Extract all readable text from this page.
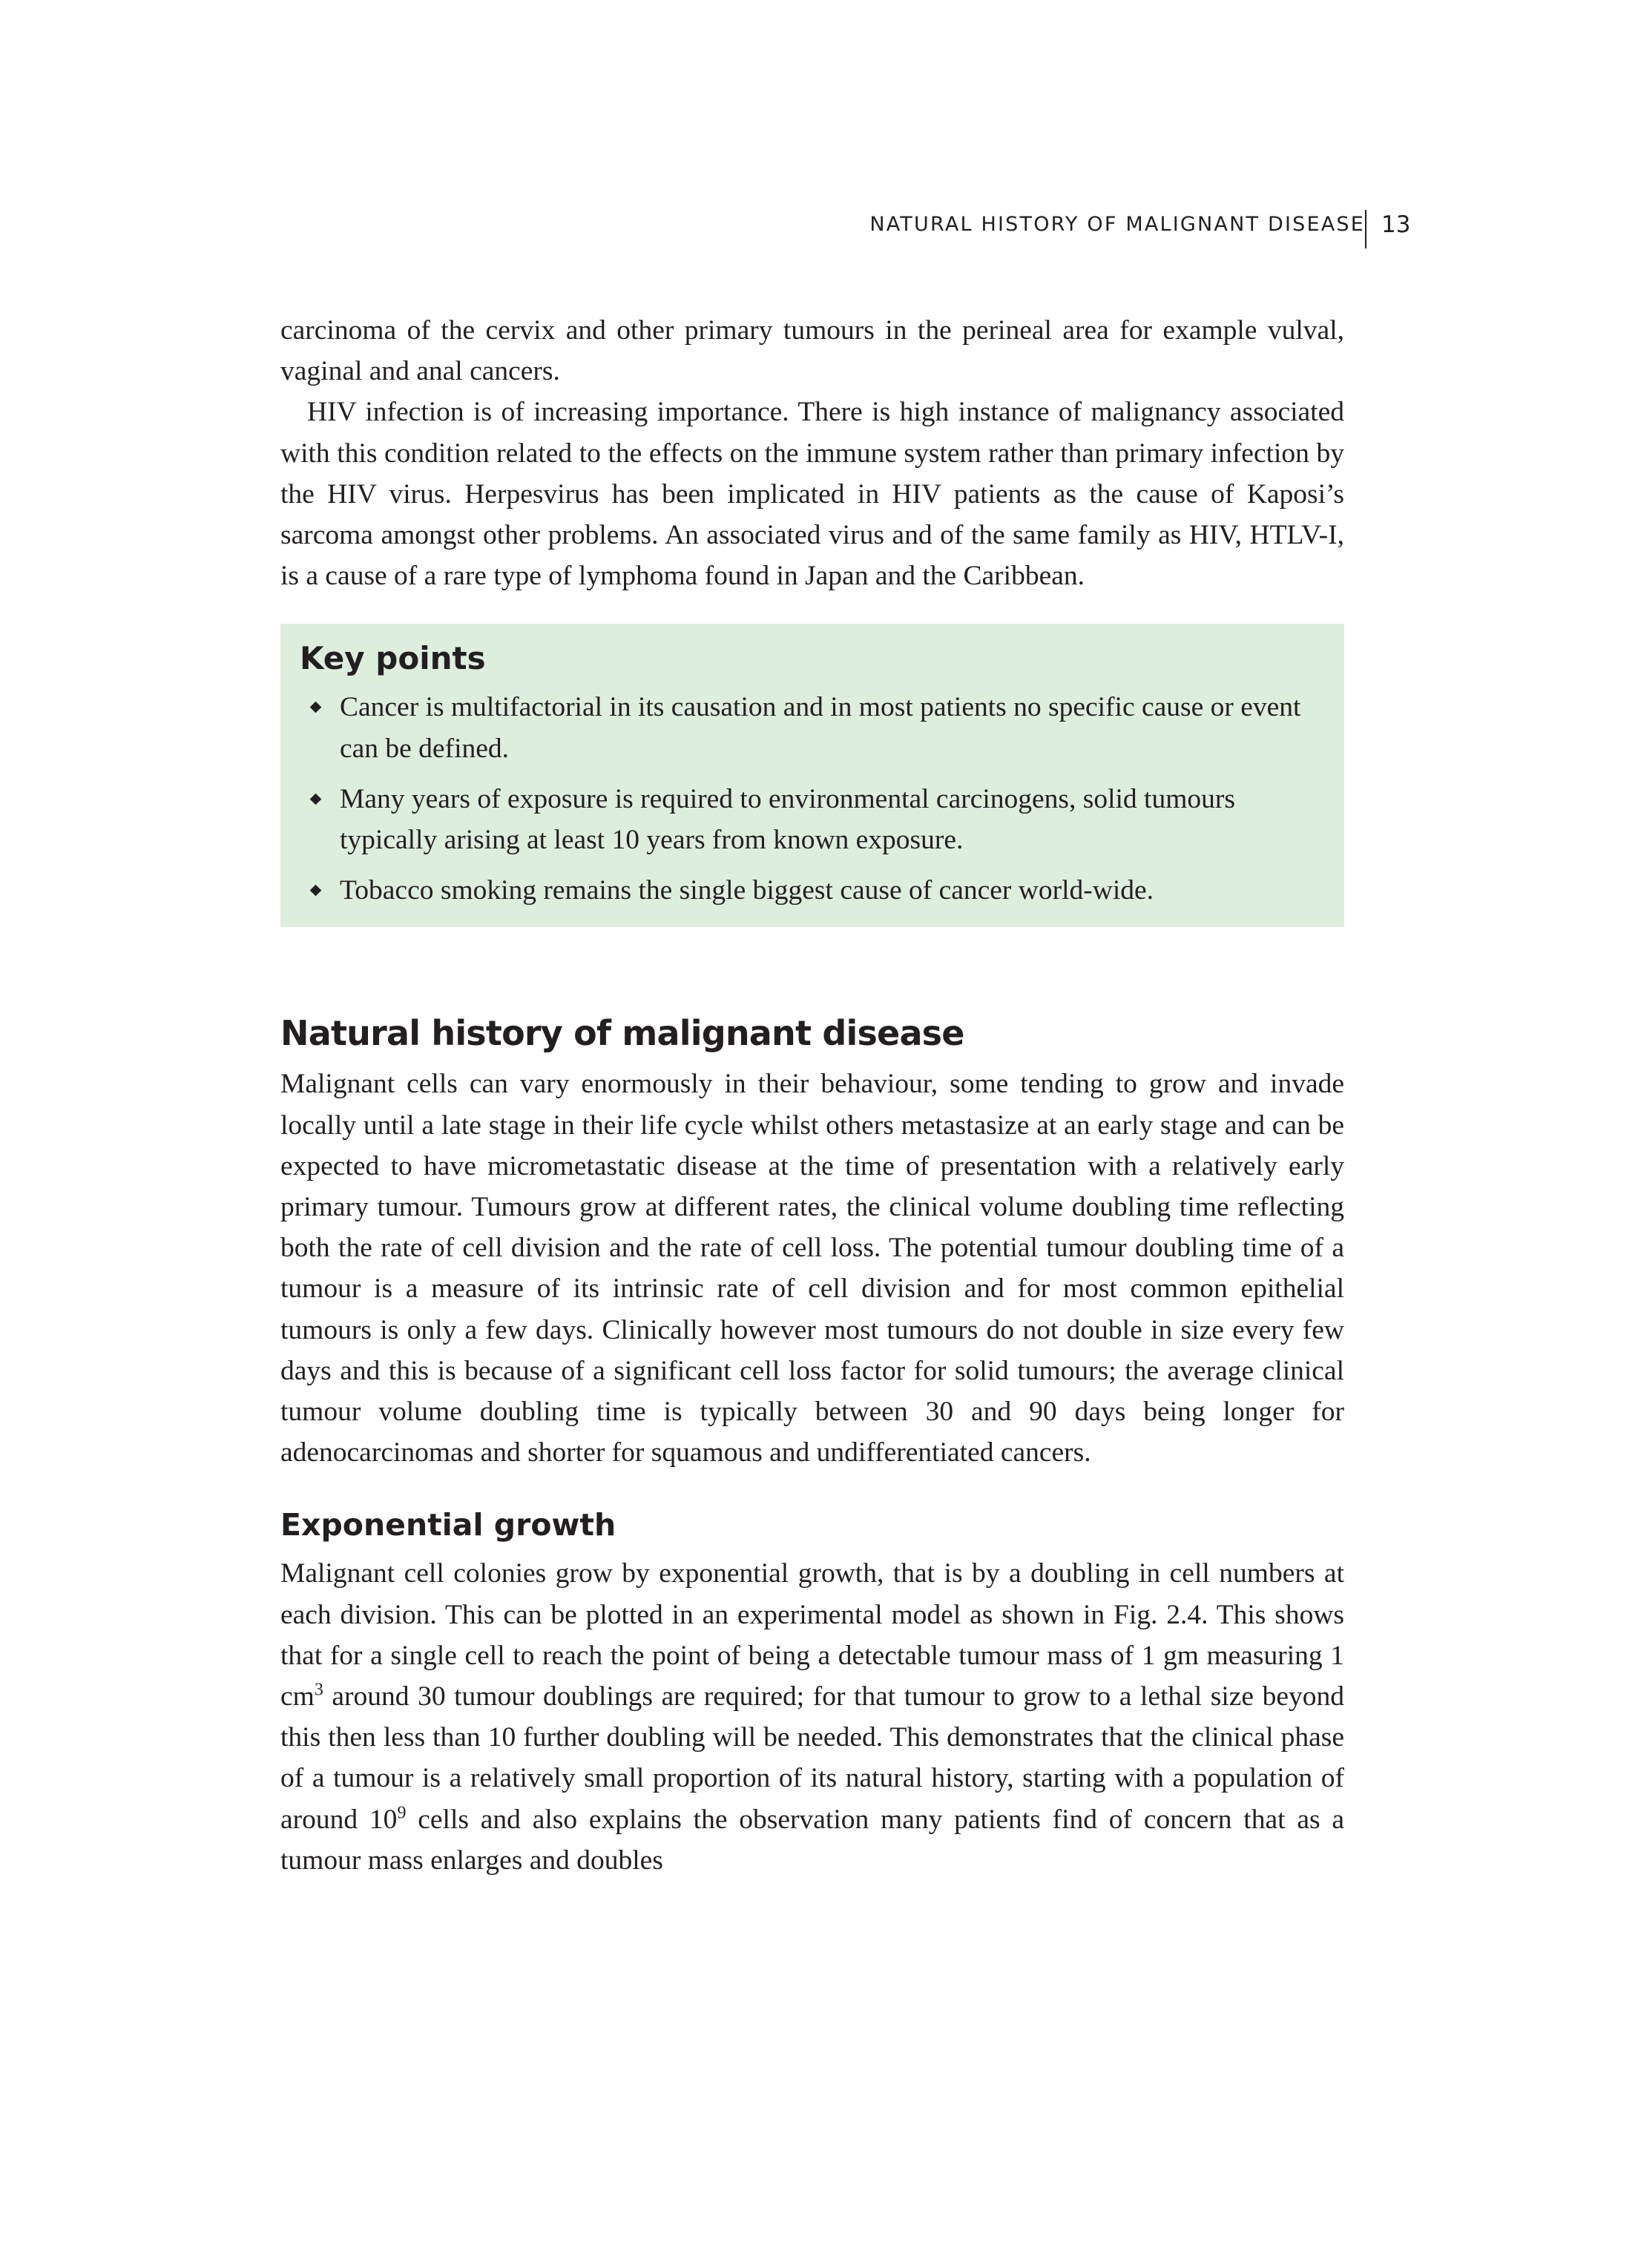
NATURAL HISTORY OF MALIGNANT DISEASE 13

carcinoma of the cervix and other primary tumours in the perineal area for example vulval, vaginal and anal cancers.

HIV infection is of increasing importance. There is high instance of malignancy associated with this condition related to the effects on the immune system rather than primary infection by the HIV virus. Herpesvirus has been implicated in HIV patients as the cause of Kaposi’s sarcoma amongst other problems. An associated virus and of the same family as HIV, HTLV-I, is a cause of a rare type of lymphoma found in Japan and the Caribbean.

Key points
Cancer is multifactorial in its causation and in most patients no specific cause or event can be defined.
Many years of exposure is required to environmental carcinogens, solid tumours typically arising at least 10 years from known exposure.
Tobacco smoking remains the single biggest cause of cancer world-wide.
Natural history of malignant disease

Malignant cells can vary enormously in their behaviour, some tending to grow and invade locally until a late stage in their life cycle whilst others metastasize at an early stage and can be expected to have micrometastatic disease at the time of presentation with a relatively early primary tumour. Tumours grow at different rates, the clinical volume doubling time reflecting both the rate of cell division and the rate of cell loss. The potential tumour doubling time of a tumour is a measure of its intrinsic rate of cell division and for most common epithelial tumours is only a few days. Clinically however most tumours do not double in size every few days and this is because of a significant cell loss factor for solid tumours; the average clinical tumour volume doubling time is typically between 30 and 90 days being longer for adenocarcinomas and shorter for squamous and undifferentiated cancers.

Exponential growth

Malignant cell colonies grow by exponential growth, that is by a doubling in cell numbers at each division. This can be plotted in an experimental model as shown in Fig. 2.4. This shows that for a single cell to reach the point of being a detectable tumour mass of 1 gm measuring 1 $cm^3$ around 30 tumour doublings are required; for that tumour to grow to a lethal size beyond this then less than 10 further doubling will be needed. This demonstrates that the clinical phase of a tumour is a relatively small proportion of its natural history, starting with a population of around $10^9$ cells and also explains the observation many patients find of concern that as a tumour mass enlarges and doubles
